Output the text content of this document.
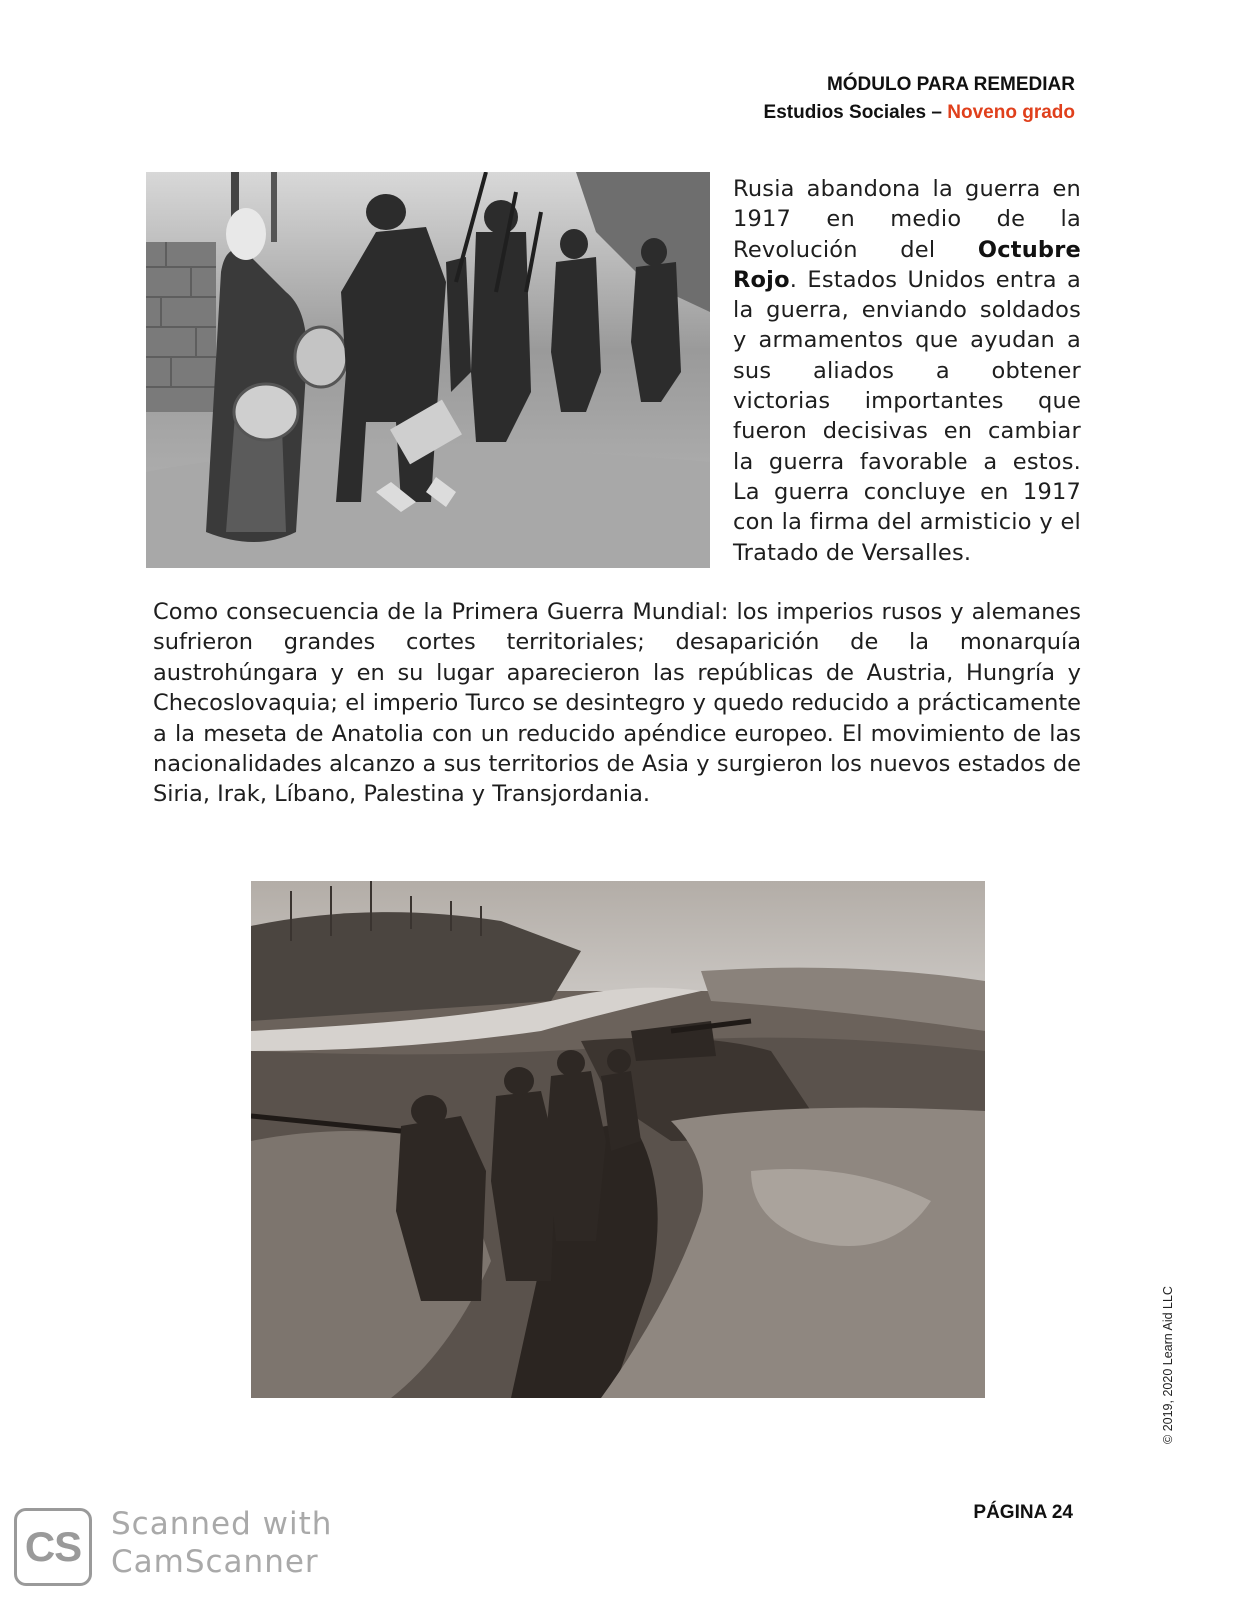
MÓDULO PARA REMEDIAR
Estudios Sociales – Noveno grado

Rusia abandona la guerra en 1917 en medio de la Revolución del Octubre Rojo. Estados Unidos entra a la guerra, enviando soldados y armamentos que ayudan a sus aliados a obtener victorias importantes que fueron decisivas en cambiar la guerra favorable a estos. La guerra concluye en 1917 con la firma del armisticio y el Tratado de Versalles.

Como consecuencia de la Primera Guerra Mundial: los imperios rusos y alemanes sufrieron grandes cortes territoriales; desaparición de la monarquía austrohúngara y en su lugar aparecieron las repúblicas de Austria, Hungría y Checoslovaquia; el imperio Turco se desintegro y quedo reducido a prácticamente a la meseta de Anatolia con un reducido apéndice europeo. El movimiento de las nacionalidades alcanzo a sus territorios de Asia y surgieron los nuevos estados de Siria, Irak, Líbano, Palestina y Transjordania.

© 2019, 2020 Learn Aid LLC
PÁGINA 24
CS Scanned with
CamScanner
